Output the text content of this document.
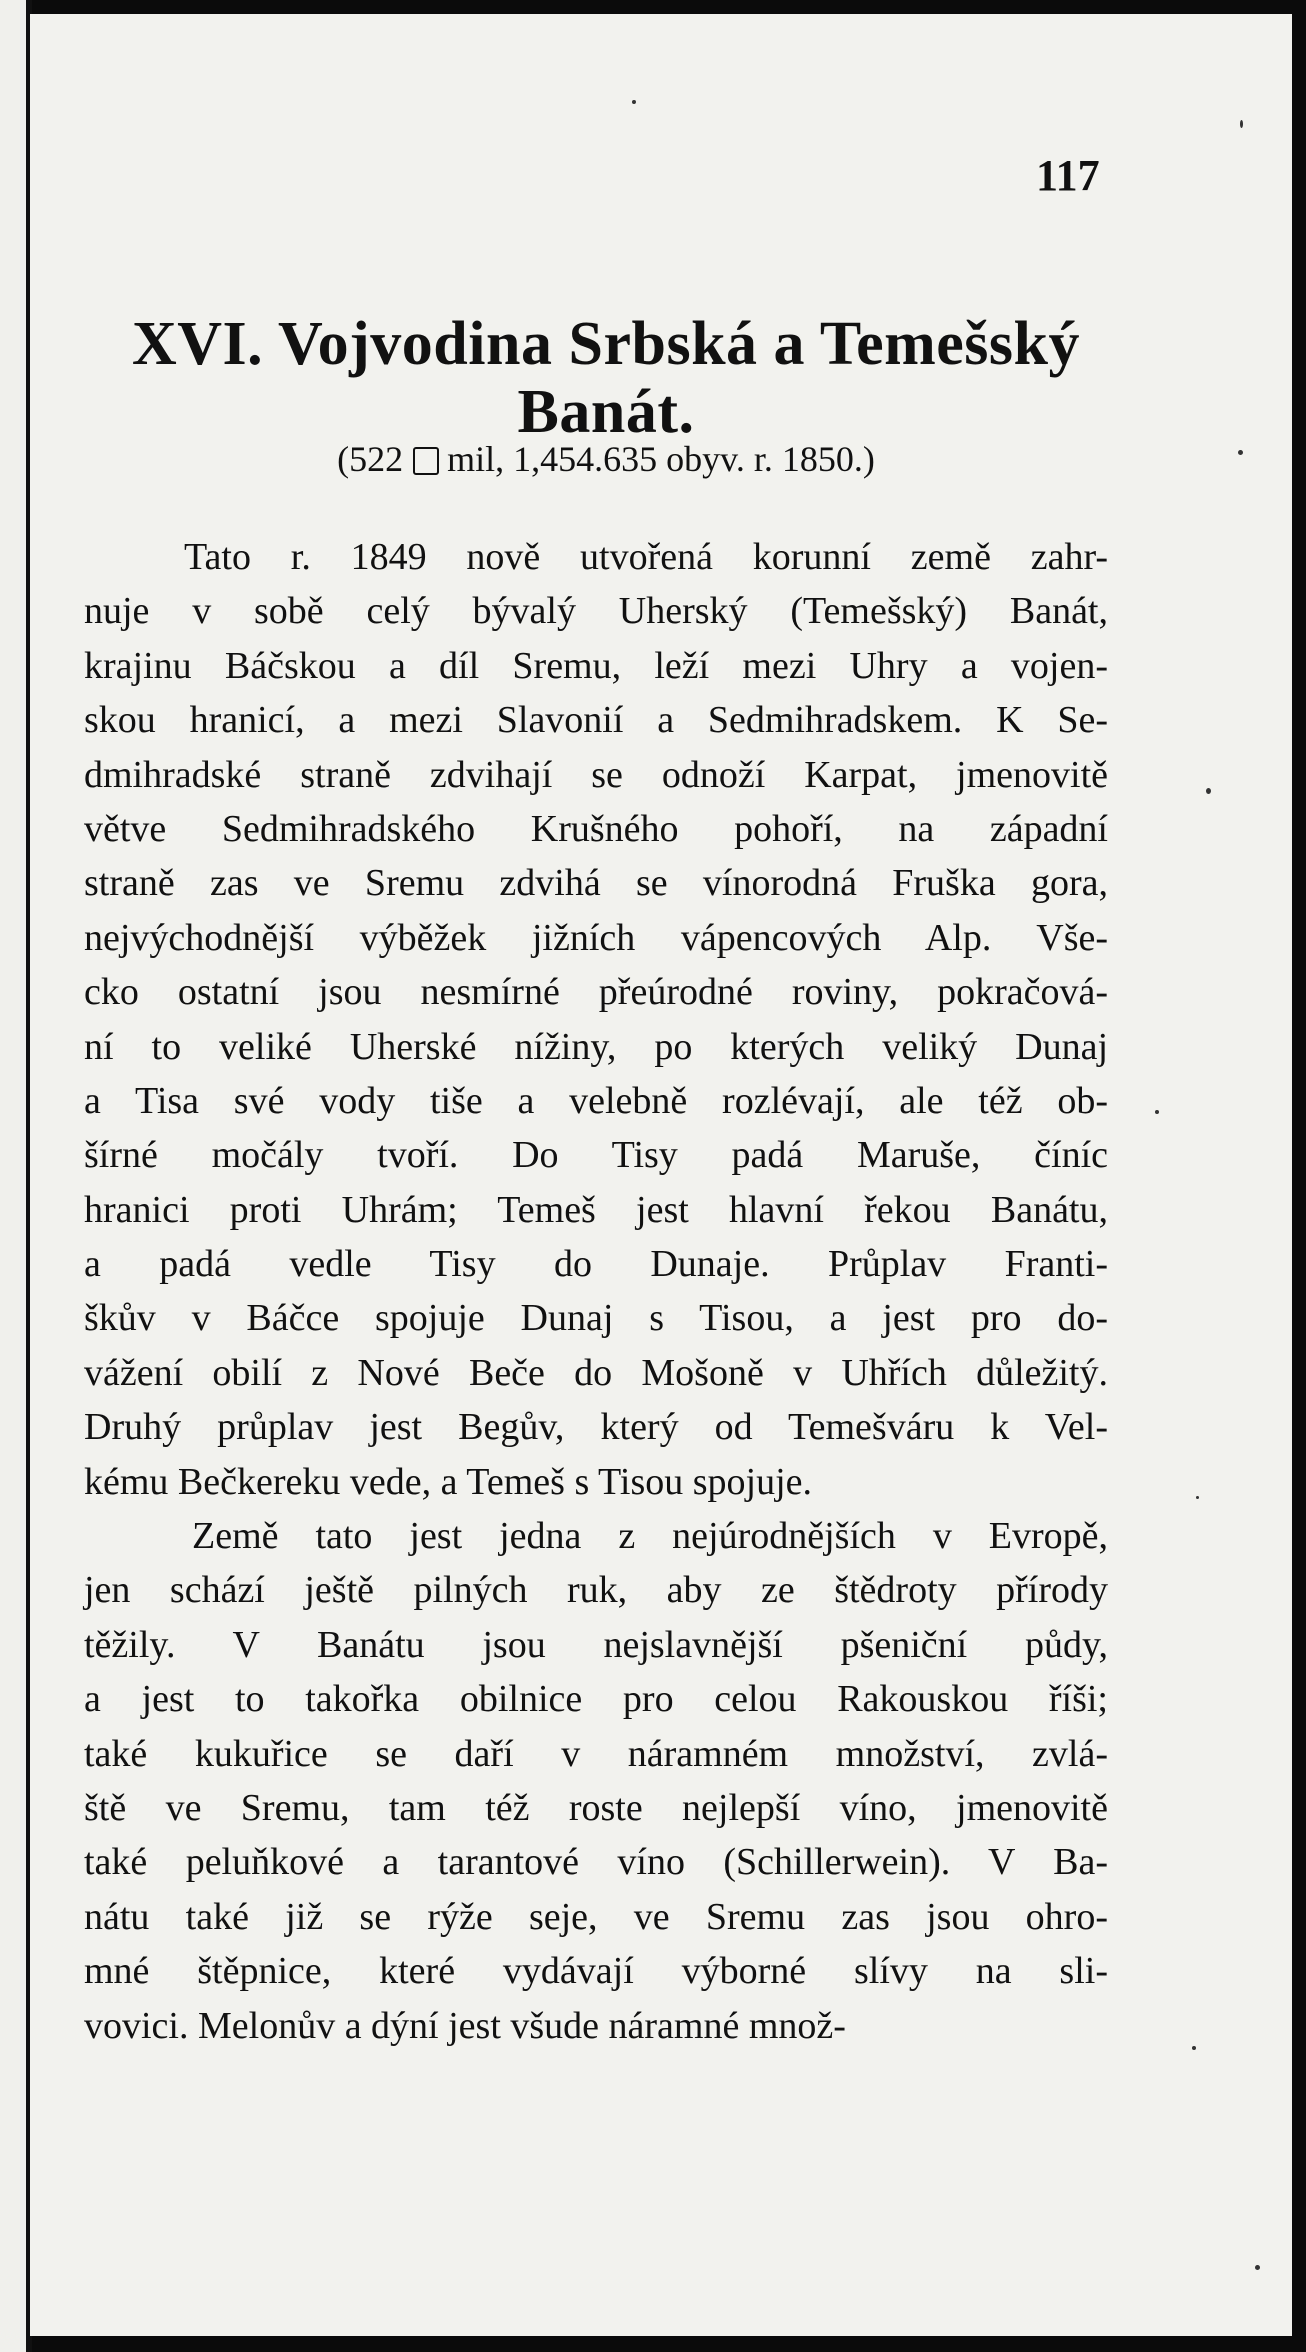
117
XVI. Vojvodina Srbská a Temešský
Banát.
(522 mil, 1,454.635 obyv. r. 1850.)
Tato r. 1849 nově utvořená korunní země zahr-
nuje v sobě celý bývalý Uherský (Temešský) Banát,
krajinu Báčskou a díl Sremu, leží mezi Uhry a vojen-
skou hranicí, a mezi Slavonií a Sedmihradskem. K Se-
dmihradské straně zdvihají se odnoží Karpat, jmenovitě
větve Sedmihradského Krušného pohoří, na západní
straně zas ve Sremu zdvihá se vínorodná Fruška gora,
nejvýchodnější výběžek jižních vápencových Alp. Vše-
cko ostatní jsou nesmírné přeúrodné roviny, pokračová-
ní to veliké Uherské nížiny, po kterých veliký Dunaj
a Tisa své vody tiše a velebně rozlévají, ale též ob-
šírné močály tvoří. Do Tisy padá Maruše, číníc
hranici proti Uhrám; Temeš jest hlavní řekou Banátu,
a padá vedle Tisy do Dunaje. Průplav Franti-
škův v Báčce spojuje Dunaj s Tisou, a jest pro do-
vážení obilí z Nové Beče do Mošoně v Uhřích důležitý.
Druhý průplav jest Begův, který od Temešváru k Vel-
kému Bečkereku vede, a Temeš s Tisou spojuje.
Země tato jest jedna z nejúrodnějších v Evropě,
jen schází ještě pilných ruk, aby ze štědroty přírody
těžily. V Banátu jsou nejslavnější pšeniční půdy,
a jest to takořka obilnice pro celou Rakouskou říši;
také kukuřice se daří v náramném množství, zvlá-
ště ve Sremu, tam též roste nejlepší víno, jmenovitě
také peluňkové a tarantové víno (Schillerwein). V Ba-
nátu také již se rýže seje, ve Sremu zas jsou ohro-
mné štěpnice, které vydávají výborné slívy na sli-
vovici. Melonův a dýní jest všude náramné množ-
